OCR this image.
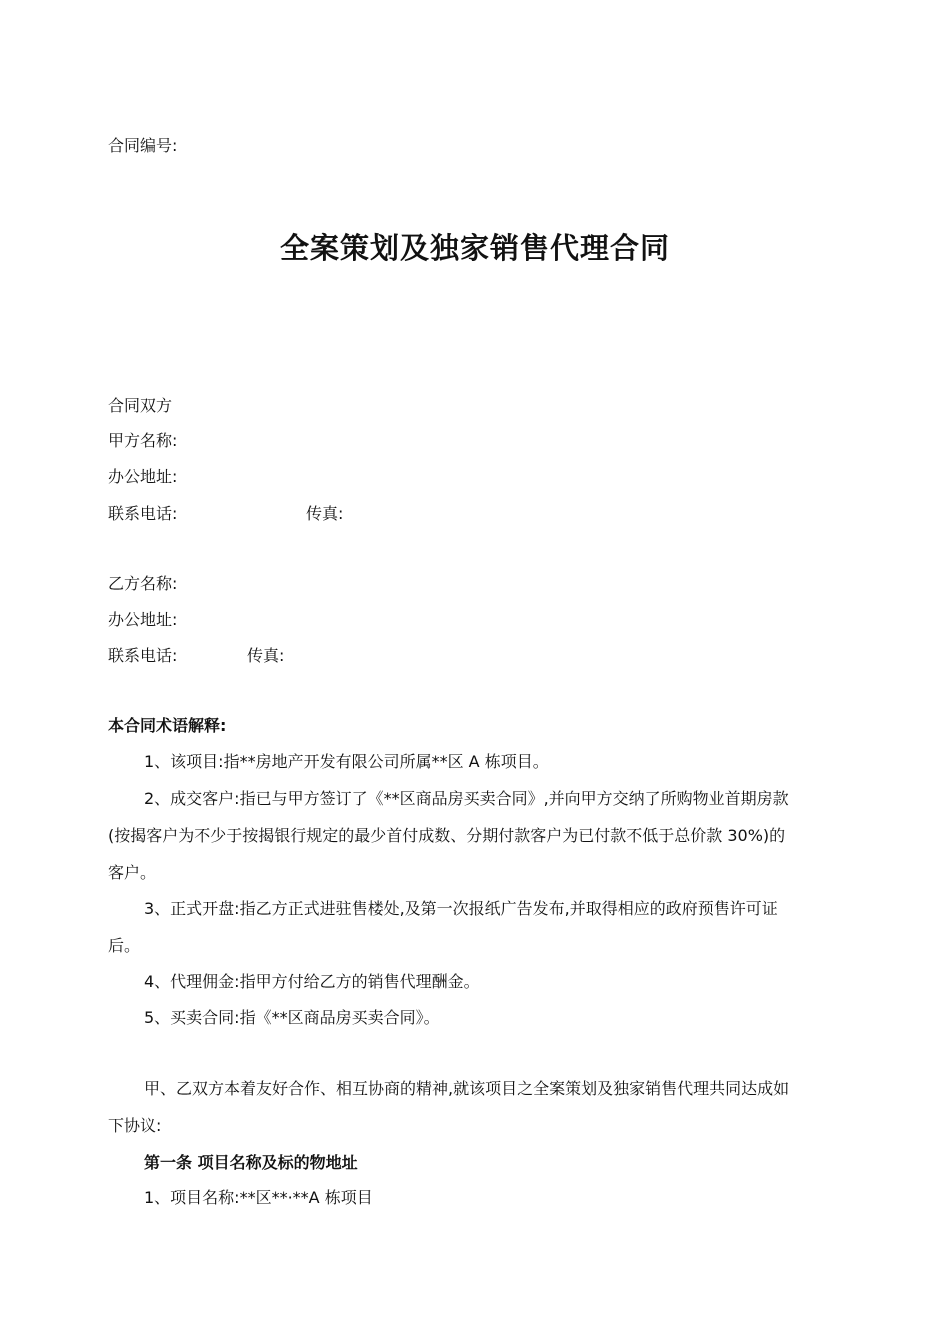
合同编号:
全案策划及独家销售代理合同
合同双方
甲方名称:
办公地址:
联系电话:	传真:
乙方名称:
办公地址:
联系电话:	传真:
本合同术语解释:
1、该项目:指**房地产开发有限公司所属**区 A 栋项目。
2、成交客户:指已与甲方签订了《**区商品房买卖合同》,并向甲方交纳了所购物业首期房款
(按揭客户为不少于按揭银行规定的最少首付成数、分期付款客户为已付款不低于总价款 30%)的
客户。
3、正式开盘:指乙方正式进驻售楼处,及第一次报纸广告发布,并取得相应的政府预售许可证
后。
4、代理佣金:指甲方付给乙方的销售代理酬金。
5、买卖合同:指《**区商品房买卖合同》。
甲、乙双方本着友好合作、相互协商的精神,就该项目之全案策划及独家销售代理共同达成如
下协议:
第一条 项目名称及标的物地址
1、项目名称:**区**·**A 栋项目
